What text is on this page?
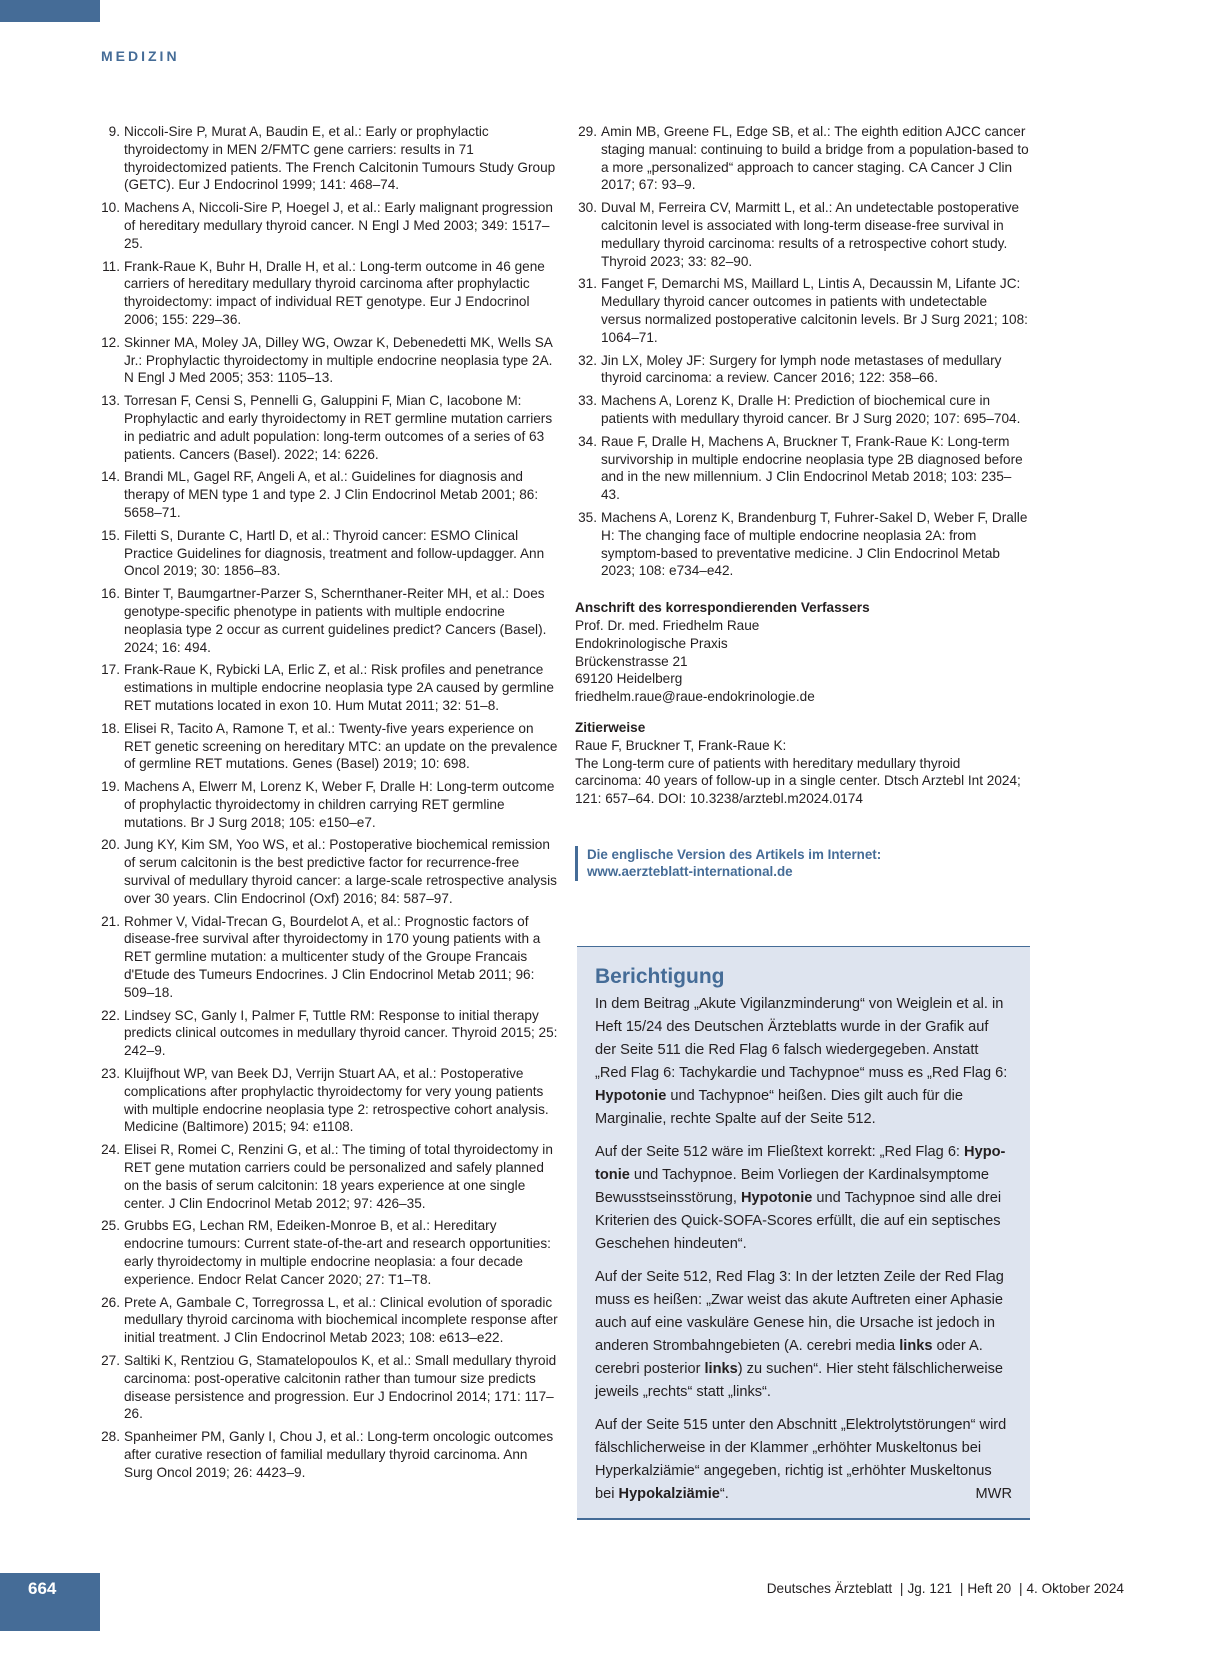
MEDIZIN
9. Niccoli-Sire P, Murat A, Baudin E, et al.: Early or prophylactic thyroidectomy in MEN 2/FMTC gene carriers: results in 71 thyroidectomized patients. The French Calcitonin Tumours Study Group (GETC). Eur J Endocrinol 1999; 141: 468–74.
10. Machens A, Niccoli-Sire P, Hoegel J, et al.: Early malignant progression of hereditary medullary thyroid cancer. N Engl J Med 2003; 349: 1517–25.
11. Frank-Raue K, Buhr H, Dralle H, et al.: Long-term outcome in 46 gene carriers of hereditary medullary thyroid carcinoma after prophylactic thyroidectomy: impact of individual RET genotype. Eur J Endocrinol 2006; 155: 229–36.
12. Skinner MA, Moley JA, Dilley WG, Owzar K, Debenedetti MK, Wells SA Jr.: Prophylactic thyroidectomy in multiple endocrine neoplasia type 2A. N Engl J Med 2005; 353: 1105–13.
13. Torresan F, Censi S, Pennelli G, Galuppini F, Mian C, Iacobone M: Prophylactic and early thyroidectomy in RET germline mutation carriers in pediatric and adult population: long-term outcomes of a series of 63 patients. Cancers (Basel). 2022; 14: 6226.
14. Brandi ML, Gagel RF, Angeli A, et al.: Guidelines for diagnosis and therapy of MEN type 1 and type 2. J Clin Endocrinol Metab 2001; 86: 5658–71.
15. Filetti S, Durante C, Hartl D, et al.: Thyroid cancer: ESMO Clinical Practice Guidelines for diagnosis, treatment and follow-updagger. Ann Oncol 2019; 30: 1856–83.
16. Binter T, Baumgartner-Parzer S, Schernthaner-Reiter MH, et al.: Does genotype-specific phenotype in patients with multiple endocrine neoplasia type 2 occur as current guidelines predict? Cancers (Basel). 2024; 16: 494.
17. Frank-Raue K, Rybicki LA, Erlic Z, et al.: Risk profiles and penetrance estimations in multiple endocrine neoplasia type 2A caused by germline RET mutations located in exon 10. Hum Mutat 2011; 32: 51–8.
18. Elisei R, Tacito A, Ramone T, et al.: Twenty-five years experience on RET genetic screening on hereditary MTC: an update on the prevalence of germline RET mutations. Genes (Basel) 2019; 10: 698.
19. Machens A, Elwerr M, Lorenz K, Weber F, Dralle H: Long-term outcome of prophylactic thyroidectomy in children carrying RET germline mutations. Br J Surg 2018; 105: e150–e7.
20. Jung KY, Kim SM, Yoo WS, et al.: Postoperative biochemical remission of serum calcitonin is the best predictive factor for recurrence-free survival of medullary thyroid cancer: a large-scale retrospective analysis over 30 years. Clin Endocrinol (Oxf) 2016; 84: 587–97.
21. Rohmer V, Vidal-Trecan G, Bourdelot A, et al.: Prognostic factors of disease-free survival after thyroidectomy in 170 young patients with a RET germline mutation: a multicenter study of the Groupe Francais d'Etude des Tumeurs Endocrines. J Clin Endocrinol Metab 2011; 96: 509–18.
22. Lindsey SC, Ganly I, Palmer F, Tuttle RM: Response to initial therapy predicts clinical outcomes in medullary thyroid cancer. Thyroid 2015; 25: 242–9.
23. Kluijfhout WP, van Beek DJ, Verrijn Stuart AA, et al.: Postoperative complications after prophylactic thyroidectomy for very young patients with multiple endocrine neoplasia type 2: retrospective cohort analysis. Medicine (Baltimore) 2015; 94: e1108.
24. Elisei R, Romei C, Renzini G, et al.: The timing of total thyroidectomy in RET gene mutation carriers could be personalized and safely planned on the basis of serum calcitonin: 18 years experience at one single center. J Clin Endocrinol Metab 2012; 97: 426–35.
25. Grubbs EG, Lechan RM, Edeiken-Monroe B, et al.: Hereditary endocrine tumours: Current state-of-the-art and research opportunities: early thyroidectomy in multiple endocrine neoplasia: a four decade experience. Endocr Relat Cancer 2020; 27: T1–T8.
26. Prete A, Gambale C, Torregrossa L, et al.: Clinical evolution of sporadic medullary thyroid carcinoma with biochemical incomplete response after initial treatment. J Clin Endocrinol Metab 2023; 108: e613–e22.
27. Saltiki K, Rentziou G, Stamatelopoulos K, et al.: Small medullary thyroid carcinoma: post-operative calcitonin rather than tumour size predicts disease persistence and progression. Eur J Endocrinol 2014; 171: 117–26.
28. Spanheimer PM, Ganly I, Chou J, et al.: Long-term oncologic outcomes after curative resection of familial medullary thyroid carcinoma. Ann Surg Oncol 2019; 26: 4423–9.
29. Amin MB, Greene FL, Edge SB, et al.: The eighth edition AJCC cancer staging manual: continuing to build a bridge from a population-based to a more „personalized“ approach to cancer staging. CA Cancer J Clin 2017; 67: 93–9.
30. Duval M, Ferreira CV, Marmitt L, et al.: An undetectable postoperative calcitonin level is associated with long-term disease-free survival in medullary thyroid carcinoma: results of a retrospective cohort study. Thyroid 2023; 33: 82–90.
31. Fanget F, Demarchi MS, Maillard L, Lintis A, Decaussin M, Lifante JC: Medullary thyroid cancer outcomes in patients with undetectable versus normalized postoperative calcitonin levels. Br J Surg 2021; 108: 1064–71.
32. Jin LX, Moley JF: Surgery for lymph node metastases of medullary thyroid carcinoma: a review. Cancer 2016; 122: 358–66.
33. Machens A, Lorenz K, Dralle H: Prediction of biochemical cure in patients with medullary thyroid cancer. Br J Surg 2020; 107: 695–704.
34. Raue F, Dralle H, Machens A, Bruckner T, Frank-Raue K: Long-term survivorship in multiple endocrine neoplasia type 2B diagnosed before and in the new millennium. J Clin Endocrinol Metab 2018; 103: 235–43.
35. Machens A, Lorenz K, Brandenburg T, Fuhrer-Sakel D, Weber F, Dralle H: The changing face of multiple endocrine neoplasia 2A: from symptom-based to preventative medicine. J Clin Endocrinol Metab 2023; 108: e734–e42.
Anschrift des korrespondierenden Verfassers
Prof. Dr. med. Friedhelm Raue
Endokrinologische Praxis
Brückenstrasse 21
69120 Heidelberg
friedhelm.raue@raue-endokrinologie.de
Zitierweise
Raue F, Bruckner T, Frank-Raue K:
The Long-term cure of patients with hereditary medullary thyroid carcinoma: 40 years of follow-up in a single center. Dtsch Arztebl Int 2024; 121: 657–64. DOI: 10.3238/arztebl.m2024.0174
Die englische Version des Artikels im Internet:
www.aerzteblatt-international.de
Berichtigung

In dem Beitrag „Akute Vigilanzminderung“ von Weiglein et al. in Heft 15/24 des Deutschen Ärzteblatts wurde in der Grafik auf der Seite 511 die Red Flag 6 falsch wiedergegeben. Anstatt „Red Flag 6: Tachykardie und Tachypnoe“ muss es „Red Flag 6: Hypotonie und Tachypnoe“ heißen. Dies gilt auch für die Marginalie, rechte Spalte auf der Seite 512.

Auf der Seite 512 wäre im Fließtext korrekt: „Red Flag 6: Hypotonie und Tachypnoe. Beim Vorliegen der Kardinalsymptome Bewusstseinsstörung, Hypotonie und Tachypnoe sind alle drei Kriterien des Quick-SOFA-Scores erfüllt, die auf ein septisches Geschehen hindeuten“.

Auf der Seite 512, Red Flag 3: In der letzten Zeile der Red Flag muss es heißen: „Zwar weist das akute Auftreten einer Aphasie auch auf eine vaskuläre Genese hin, die Ursache ist jedoch in anderen Strombahngebieten (A. cerebri media links oder A. cerebri posterior links) zu suchen“. Hier steht fälschlicherweise jeweils „rechts“ statt „links“.

Auf der Seite 515 unter den Abschnitt „Elektrolytstörungen“ wird fälschlicherweise in der Klammer „erhöhter Muskeltonus bei Hyperkalziämie“ angegeben, richtig ist „erhöhter Muskeltonus bei Hypokalziämie“.	MWR

664	Deutsches Ärzteblatt | Jg. 121 | Heft 20 | 4. Oktober 2024
